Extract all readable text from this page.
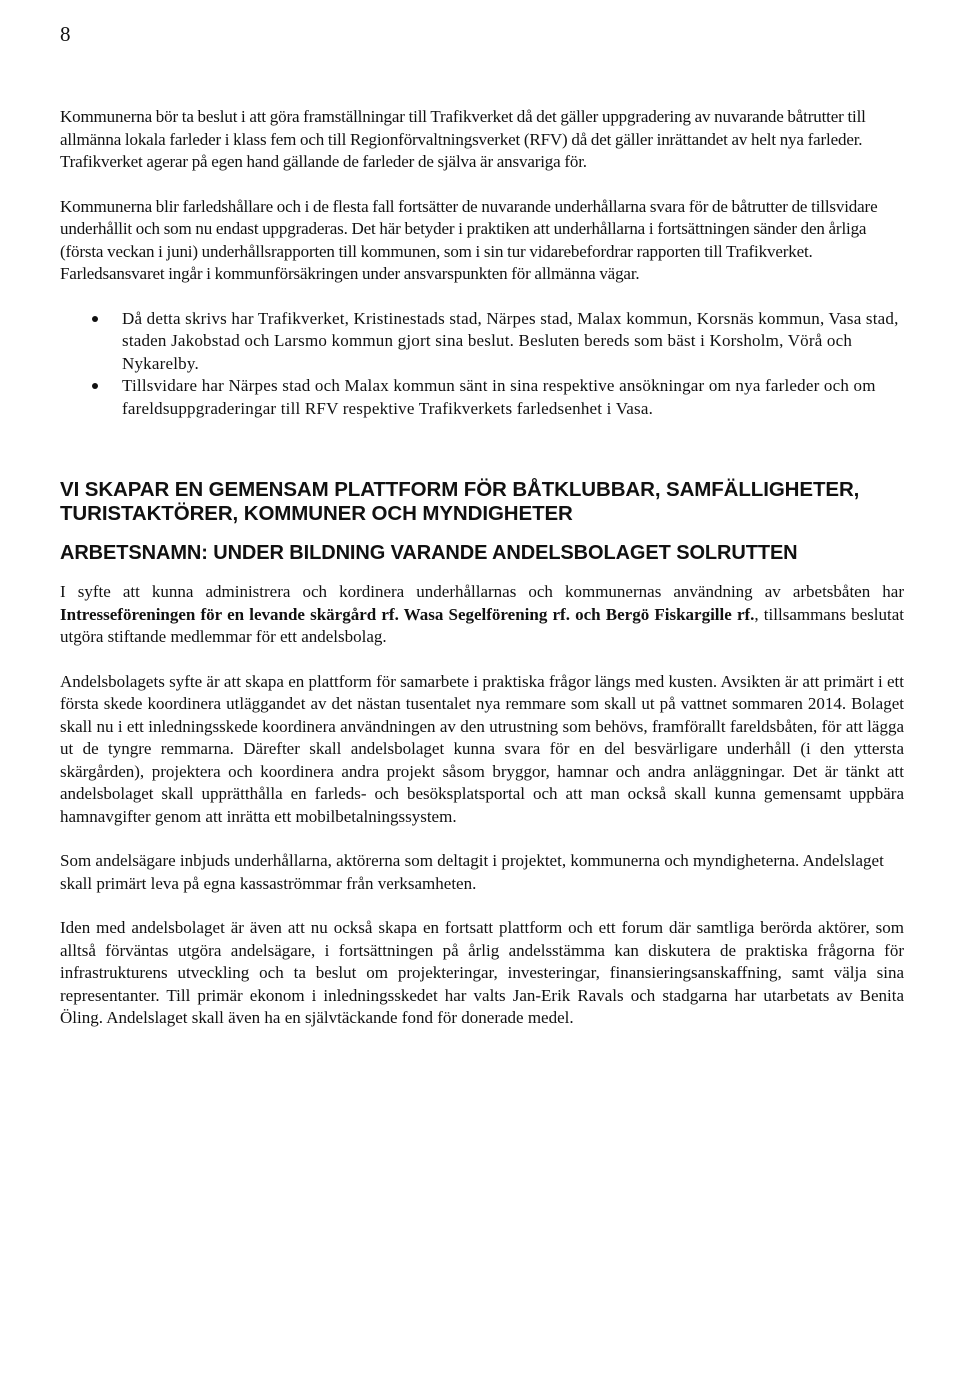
8

Kommunerna bör ta beslut i att göra framställningar till Trafikverket då det gäller uppgradering av nuvarande båtrutter till allmänna lokala farleder i klass fem och till Regionförvaltningsverket (RFV) då det gäller inrättandet av helt nya farleder. Trafikverket agerar på egen hand gällande de farleder de själva är ansvariga för.

Kommunerna blir farledshållare och i de flesta fall fortsätter de nuvarande underhållarna svara för de båtrutter de tillsvidare underhållit och som nu endast uppgraderas. Det här betyder i praktiken att underhållarna i fortsättningen sänder den årliga (första veckan i juni) underhållsrapporten till kommunen, som i sin tur vidarebefordrar rapporten till Trafikverket. Farledsansvaret ingår i kommunförsäkringen under ansvarspunkten för allmänna vägar.

Då detta skrivs har Trafikverket, Kristinestads stad, Närpes stad, Malax kommun, Korsnäs kommun, Vasa stad, staden Jakobstad och Larsmo kommun gjort sina beslut. Besluten bereds som bäst i Korsholm, Vörå och Nykarelby.
Tillsvidare har Närpes stad och Malax kommun sänt in sina respektive ansökningar om nya farleder och om fareldsuppgraderingar till RFV respektive Trafikverkets farledsenhet i Vasa.
VI SKAPAR EN GEMENSAM PLATTFORM FÖR BÅTKLUBBAR, SAMFÄLLIGHETER, TURISTAKTÖRER, KOMMUNER OCH MYNDIGHETER
ARBETSNAMN: UNDER BILDNING VARANDE ANDELSBOLAGET SOLRUTTEN

I syfte att kunna administrera och kordinera underhållarnas och kommunernas användning av arbetsbåten har Intresseföreningen för en levande skärgård rf. Wasa Segelförening rf. och Bergö Fiskargille rf., tillsammans beslutat utgöra stiftande medlemmar för ett andelsbolag.

Andelsbolagets syfte är att skapa en plattform för samarbete i praktiska frågor längs med kusten. Avsikten är att primärt i ett första skede koordinera utläggandet av det nästan tusentalet nya remmare som skall ut på vattnet sommaren 2014. Bolaget skall nu i ett inledningsskede koordinera användningen av den utrustning som behövs, framförallt fareldsbåten, för att lägga ut de tyngre remmarna. Därefter skall andelsbolaget kunna svara för en del besvärligare underhåll (i den yttersta skärgården), projektera och koordinera andra projekt såsom bryggor, hamnar och andra anläggningar. Det är tänkt att andelsbolaget skall upprätthålla en farleds- och besöksplatsportal och att man också skall kunna gemensamt uppbära hamnavgifter genom att inrätta ett mobilbetalningssystem.

Som andelsägare inbjuds underhållarna, aktörerna som deltagit i projektet, kommunerna och myndigheterna. Andelslaget skall primärt leva på egna kassaströmmar från verksamheten.

Iden med andelsbolaget är även att nu också skapa en fortsatt plattform och ett forum där samtliga berörda aktörer, som alltså förväntas utgöra andelsägare, i fortsättningen på årlig andelsstämma kan diskutera de praktiska frågorna för infrastrukturens utveckling och ta beslut om projekteringar, investeringar, finansieringsanskaffning, samt välja sina representanter. Till primär ekonom i inledningsskedet har valts Jan-Erik Ravals och stadgarna har utarbetats av Benita Öling. Andelslaget skall även ha en självtäckande fond för donerade medel.
